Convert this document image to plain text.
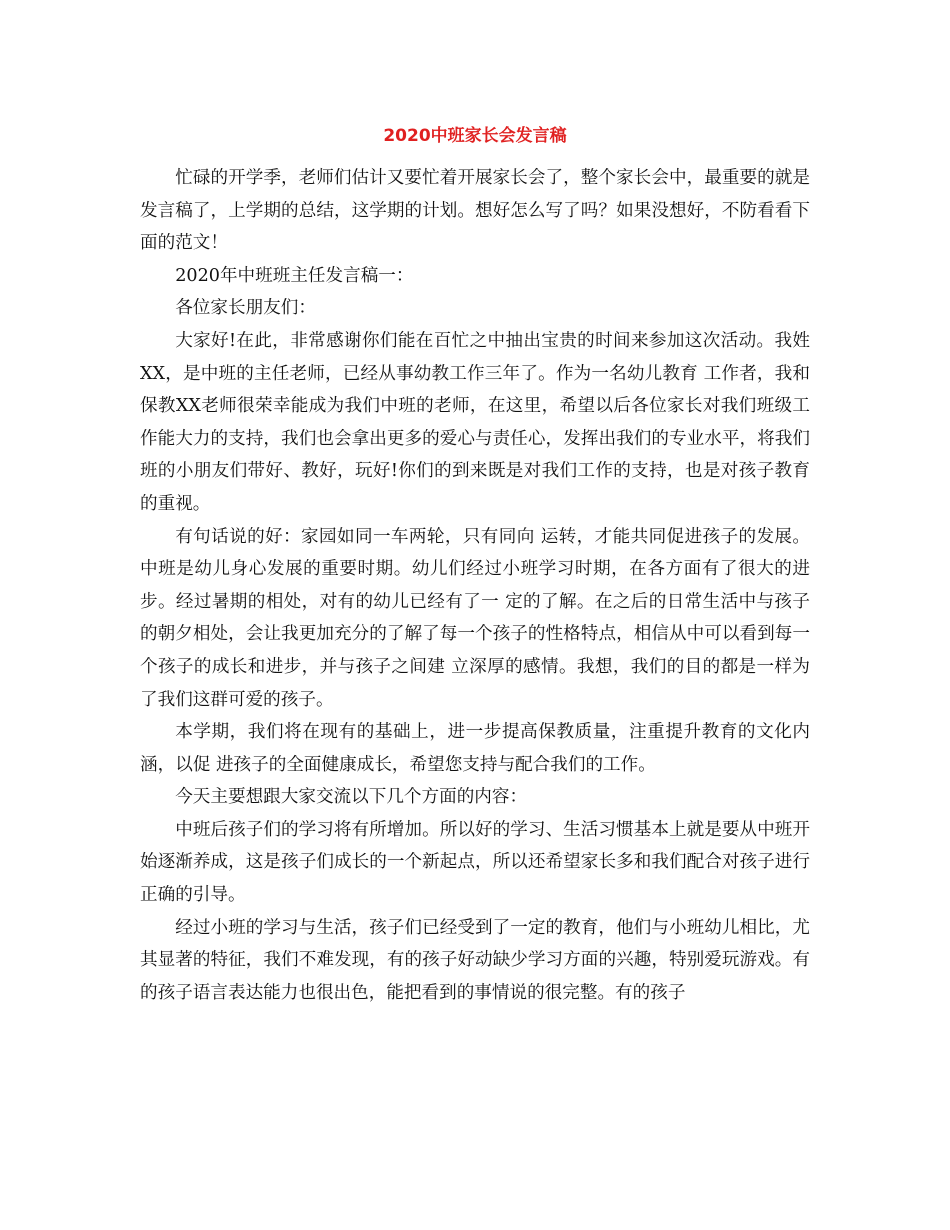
2020中班家长会发言稿

忙碌的开学季，老师们估计又要忙着开展家长会了，整个家长会中，最重要的就是发言稿了，上学期的总结，这学期的计划。想好怎么写了吗？如果没想好，不防看看下面的范文！

2020年中班班主任发言稿一：

各位家长朋友们：

大家好!在此，非常感谢你们能在百忙之中抽出宝贵的时间来参加这次活动。我姓XX，是中班的主任老师，已经从事幼教工作三年了。作为一名幼儿教育 工作者，我和保教XX老师很荣幸能成为我们中班的老师，在这里，希望以后各位家长对我们班级工作能大力的支持，我们也会拿出更多的爱心与责任心，发挥出我们的专业水平，将我们班的小朋友们带好、教好，玩好!你们的到来既是对我们工作的支持，也是对孩子教育的重视。

有句话说的好：家园如同一车两轮，只有同向 运转，才能共同促进孩子的发展。中班是幼儿身心发展的重要时期。幼儿们经过小班学习时期，在各方面有了很大的进步。经过暑期的相处，对有的幼儿已经有了一 定的了解。在之后的日常生活中与孩子的朝夕相处，会让我更加充分的了解了每一个孩子的性格特点，相信从中可以看到每一个孩子的成长和进步，并与孩子之间建 立深厚的感情。我想，我们的目的都是一样为了我们这群可爱的孩子。

本学期，我们将在现有的基础上，进一步提高保教质量，注重提升教育的文化内涵，以促 进孩子的全面健康成长，希望您支持与配合我们的工作。

今天主要想跟大家交流以下几个方面的内容：

中班后孩子们的学习将有所增加。所以好的学习、生活习惯基本上就是要从中班开始逐渐养成，这是孩子们成长的一个新起点，所以还希望家长多和我们配合对孩子进行正确的引导。

经过小班的学习与生活，孩子们已经受到了一定的教育，他们与小班幼儿相比，尤其显著的特征，我们不难发现，有的孩子好动缺少学习方面的兴趣，特别爱玩游戏。有的孩子语言表达能力也很出色，能把看到的事情说的很完整。有的孩子
